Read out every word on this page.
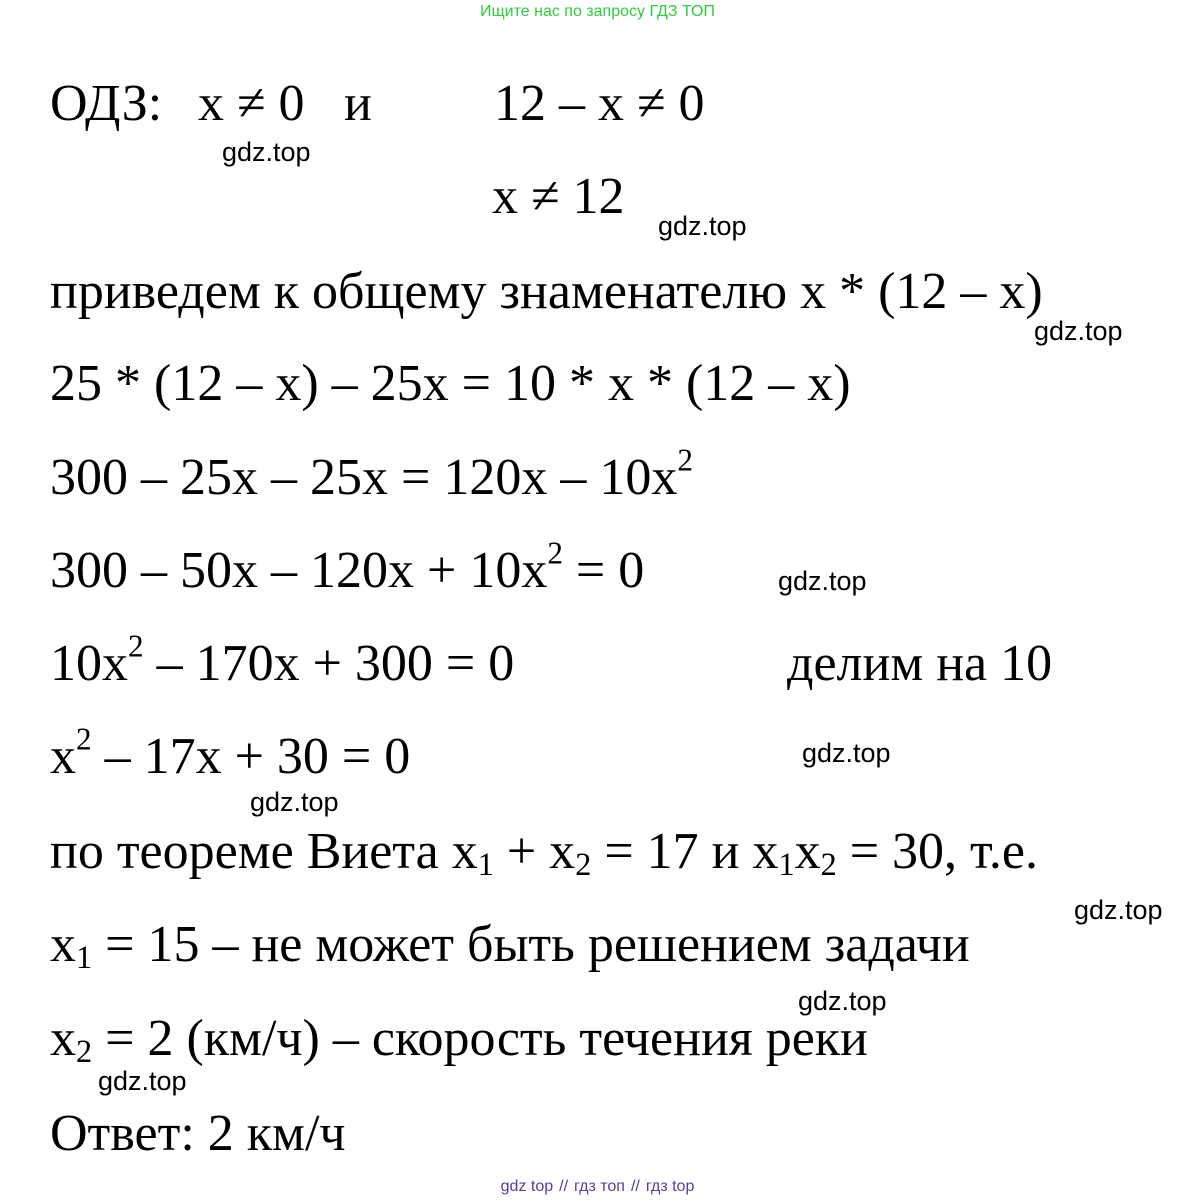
Ищите нас по запросу ГДЗ ТОП
ОДЗ: x ≠ 0 и 12 – x ≠ 0
gdz.top
x ≠ 12
gdz.top
приведем к общему знаменателю x * (12 – x)
gdz.top
25 * (12 – x) – 25x = 10 * x * (12 – x)
$300 - 25x - 25x = 120x - 10x^2$
$300 - 50x - 120x + 10x^2 = 0$	gdz.top
$10x^2 - 170x + 300 = 0$	делим на 10
$x^2 - 17x + 30 = 0$	gdz.top
gdz.top
по теореме Виета $x_1 + x_2 = 17$ и $x_1x_2 = 30$, т.е.
gdz.top
$x_1 = 15$ – не может быть решением задачи
gdz.top
$x_2 = 2$ (км/ч) – скорость течения реки
gdz.top
Ответ: 2 км/ч
gdz top // гдз топ // гдз top
